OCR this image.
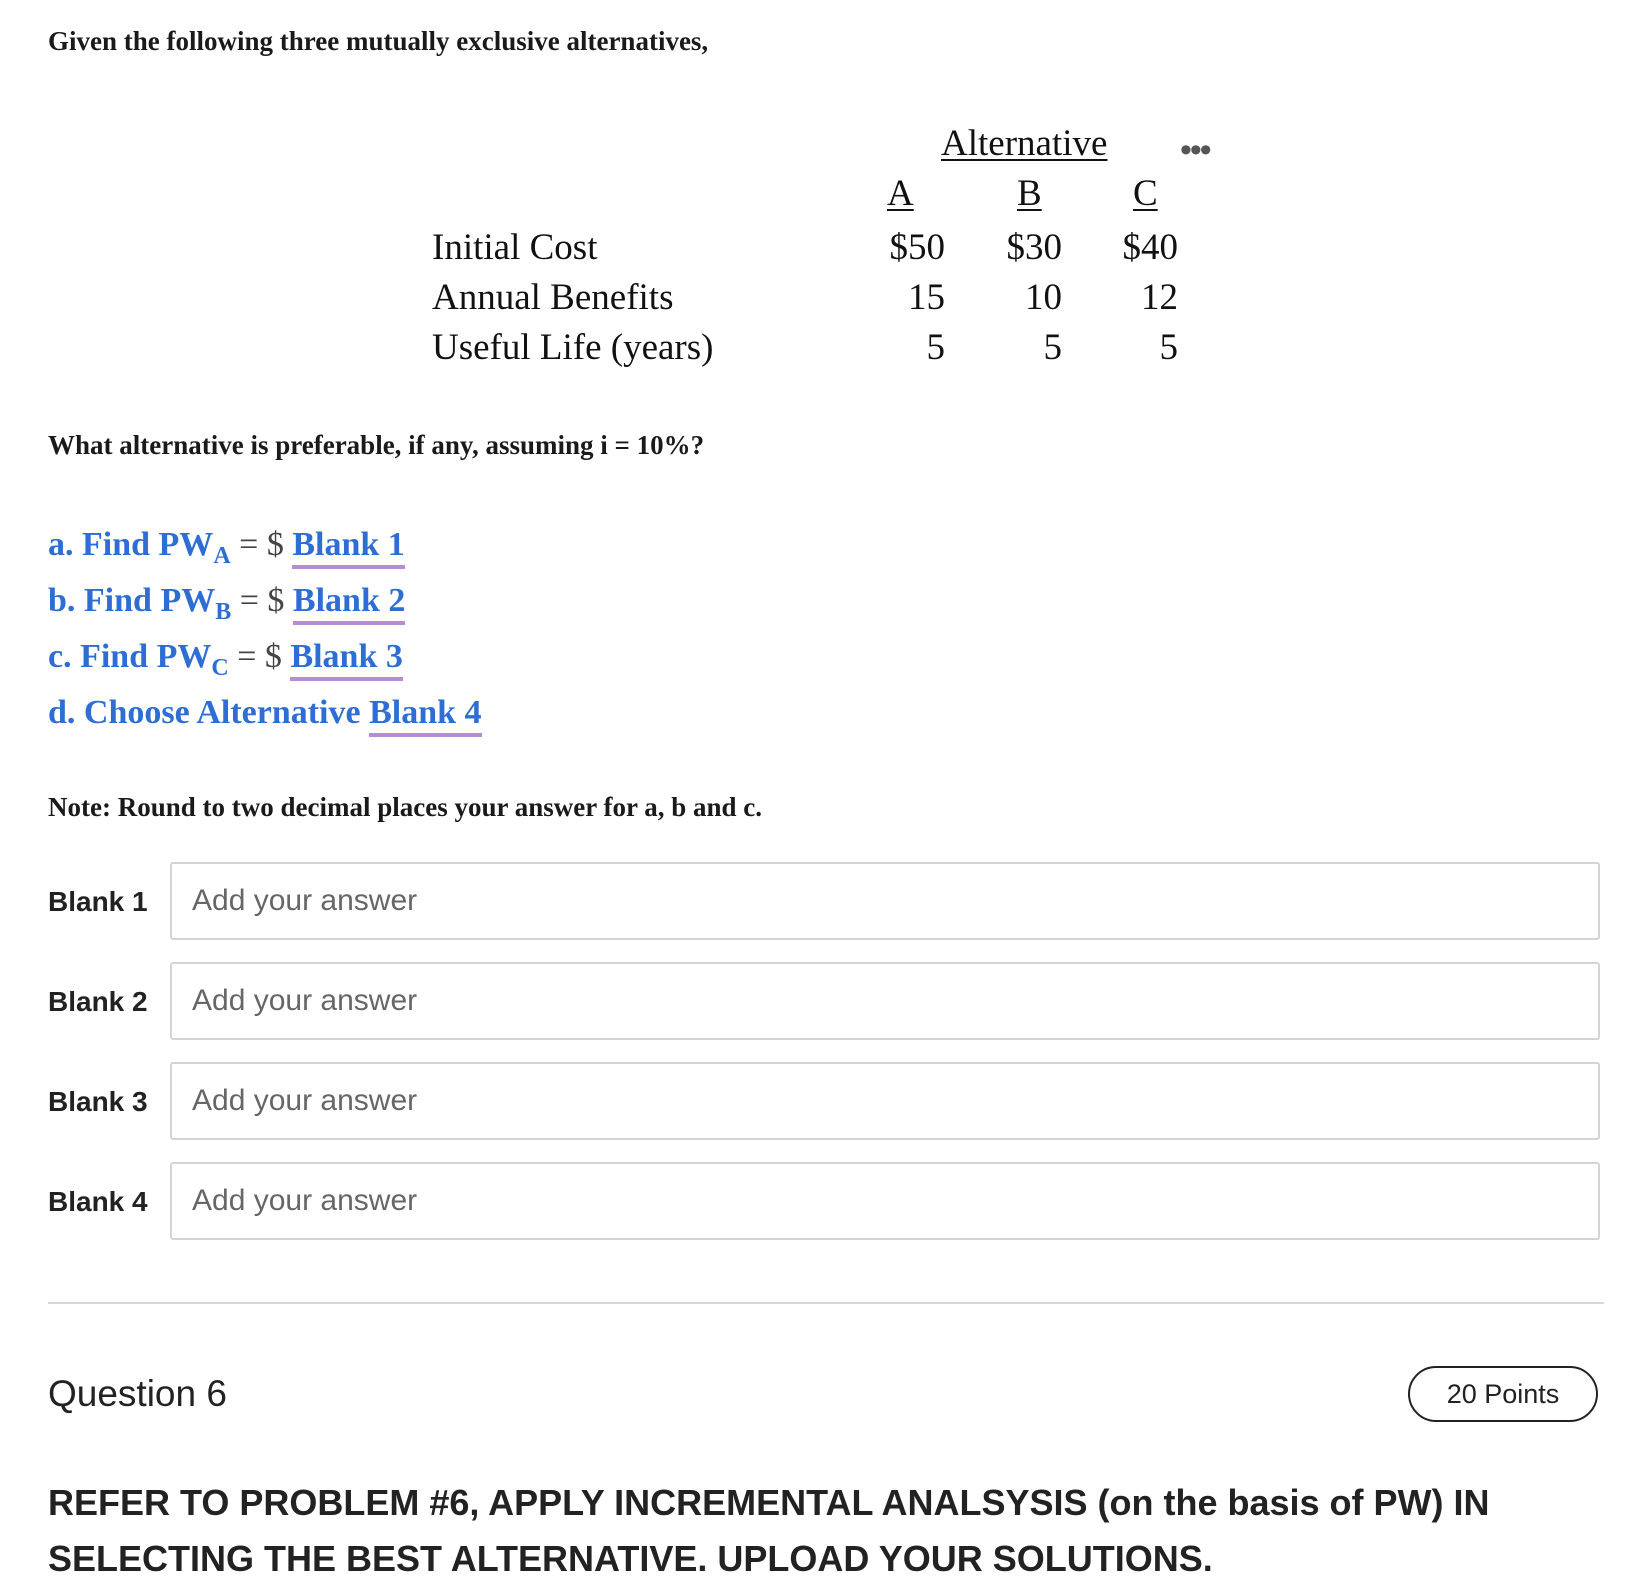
Given the following three mutually exclusive alternatives,
Alternative
A	B C
Initial Cost	$50	$30	$40
Annual Benefits	15	10	12
Useful Life (years)	5	5	5
•••
What alternative is preferable, if any, assuming i = 10%?
a. Find $PW_A$ = $ Blank 1
b. Find $PW_B$ = $ Blank 2
c. Find $PW_C$ = $ Blank 3
d. Choose Alternative Blank 4
Note: Round to two decimal places your answer for a, b and c.
Blank 1
Add your answer
Blank 2
Add your answer
Blank 3
Add your answer
Blank 4
Add your answer
Question 6	20 Points
REFER TO PROBLEM #6, APPLY INCREMENTAL ANALSYSIS (on the basis of PW) IN SELECTING THE BEST ALTERNATIVE. UPLOAD YOUR SOLUTIONS.
